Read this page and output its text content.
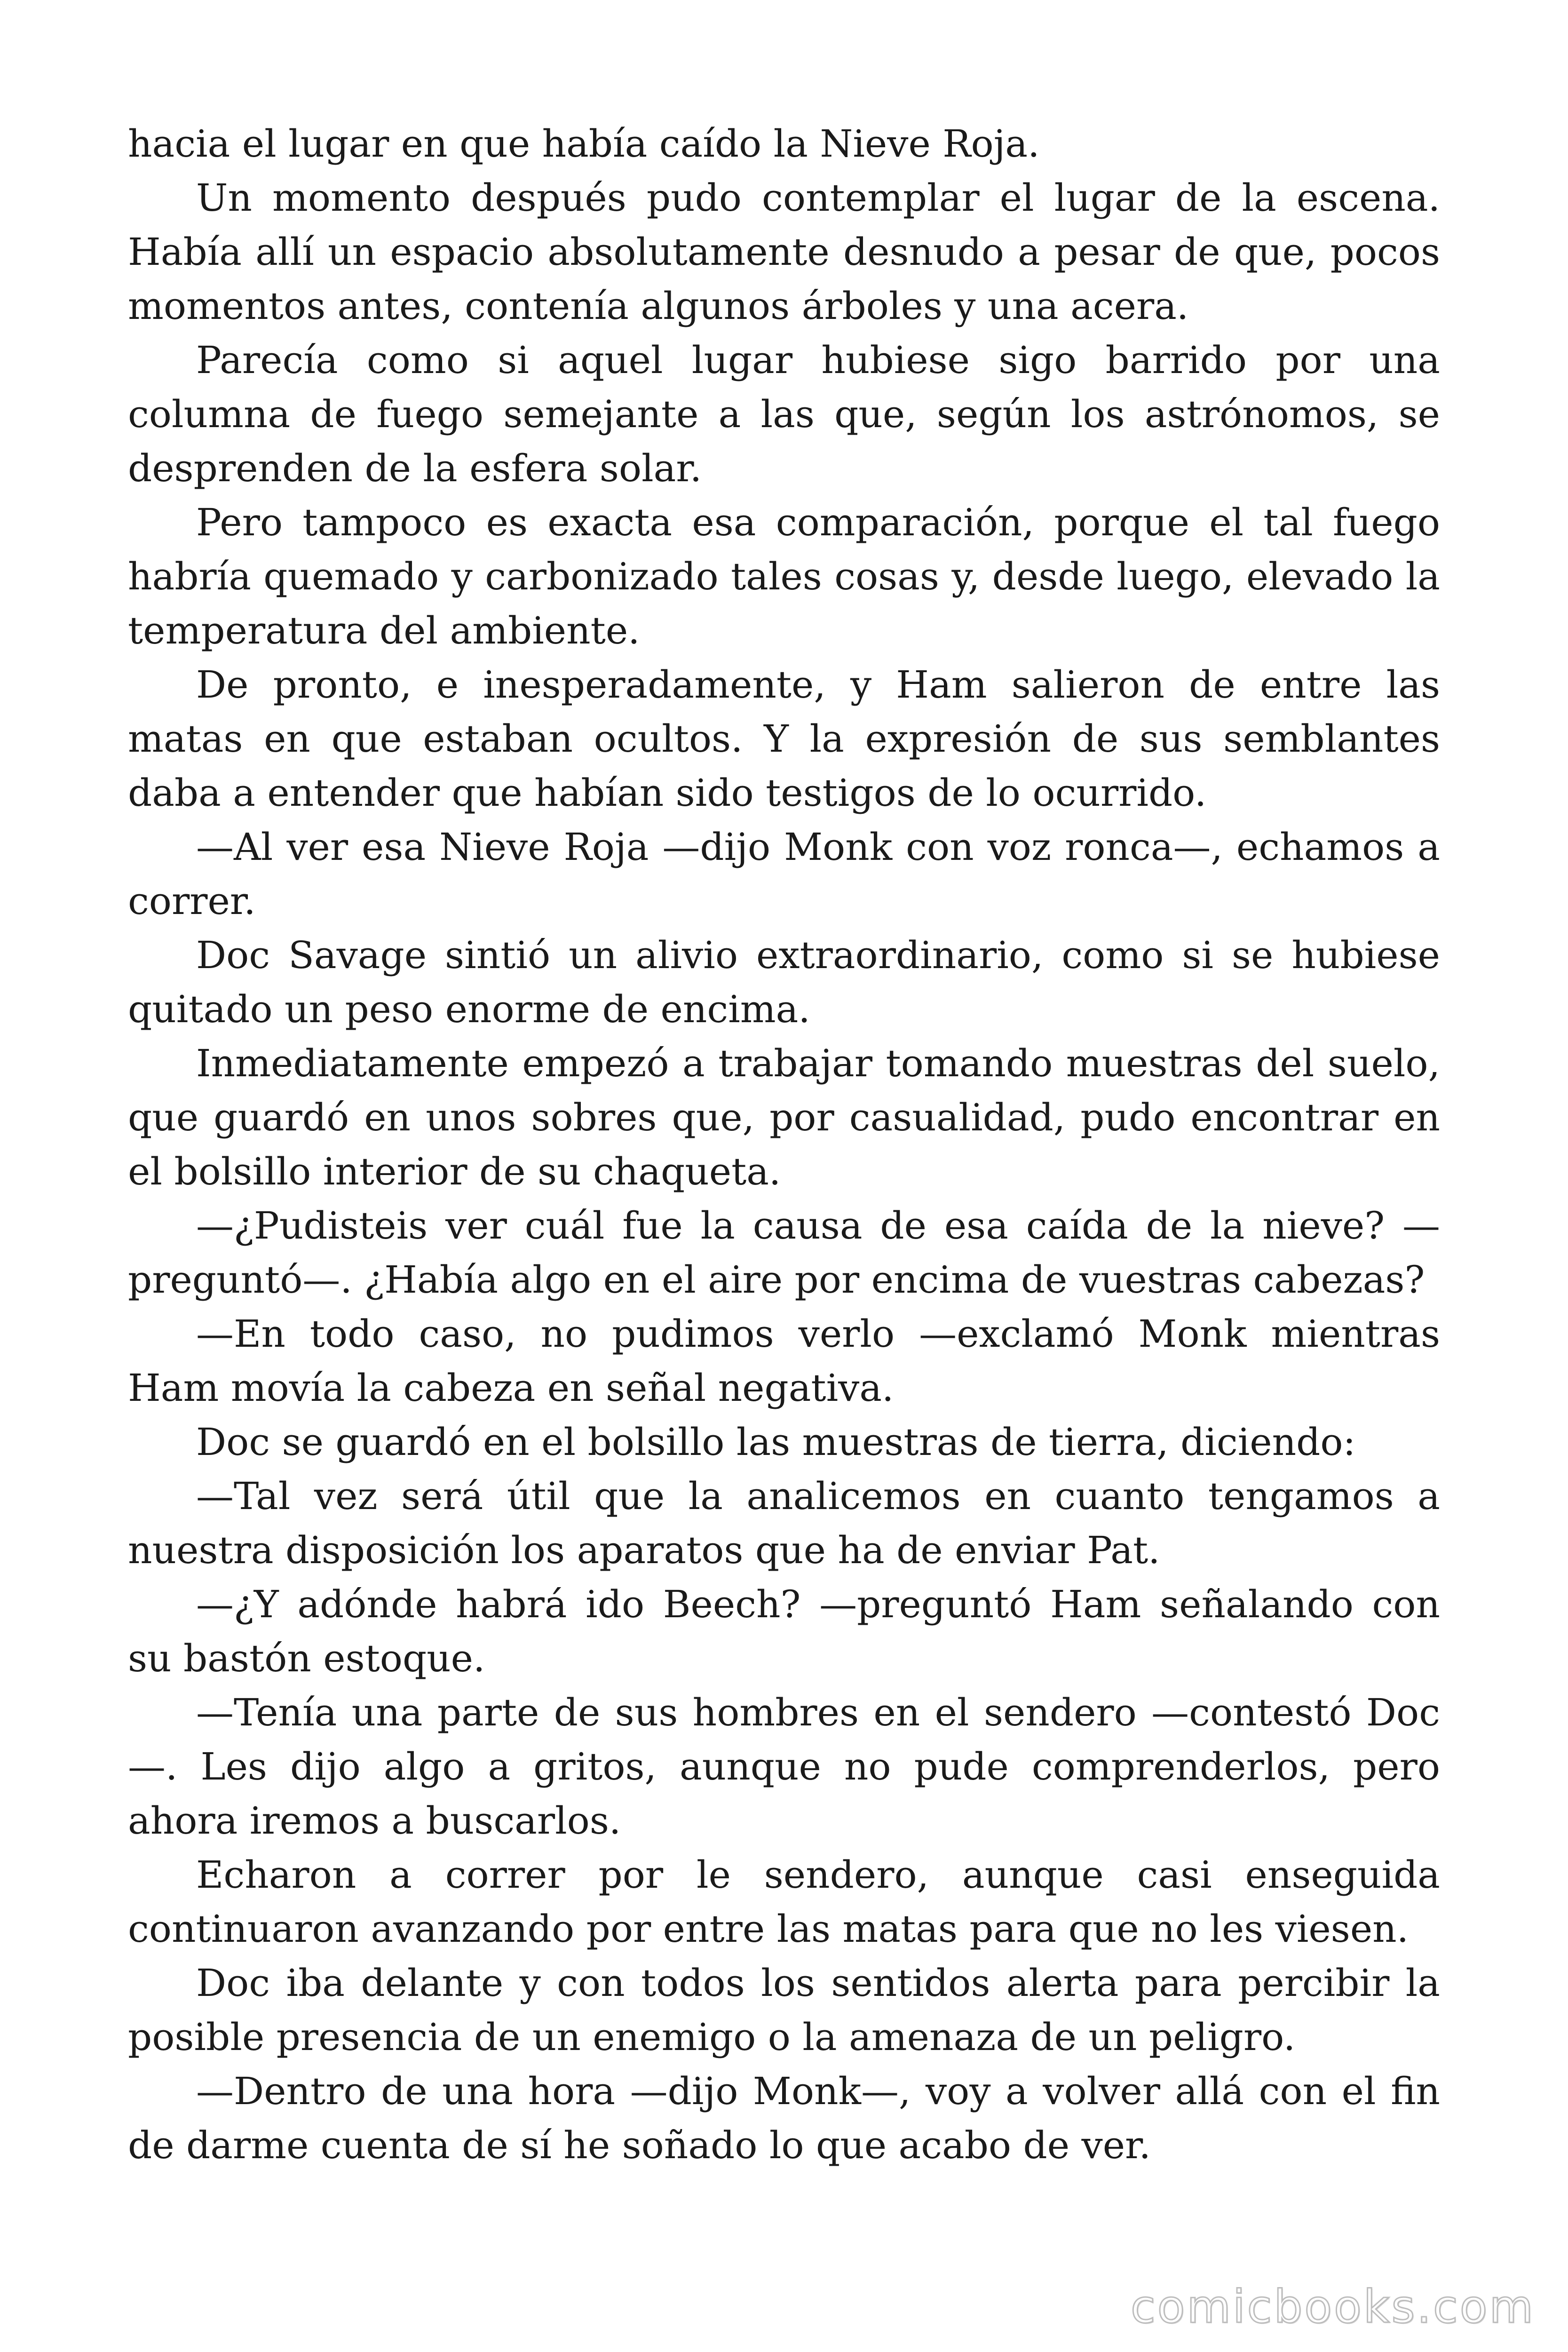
hacia el lugar en que había caído la Nieve Roja.

Un momento después pudo contemplar el lugar de la escena. Había allí un espacio absolutamente desnudo a pesar de que, pocos momentos antes, contenía algunos árboles y una acera.

Parecía como si aquel lugar hubiese sigo barrido por una columna de fuego semejante a las que, según los astrónomos, se desprenden de la esfera solar.

Pero tampoco es exacta esa comparación, porque el tal fuego habría quemado y carbonizado tales cosas y, desde luego, elevado la temperatura del ambiente.

De pronto, e inesperadamente, y Ham salieron de entre las matas en que estaban ocultos. Y la expresión de sus semblantes daba a entender que habían sido testigos de lo ocurrido.

—Al ver esa Nieve Roja —dijo Monk con voz ronca—, echamos a correr.

Doc Savage sintió un alivio extraordinario, como si se hubiese quitado un peso enorme de encima.

Inmediatamente empezó a trabajar tomando muestras del suelo, que guardó en unos sobres que, por casualidad, pudo encontrar en el bolsillo interior de su chaqueta.

—¿Pudisteis ver cuál fue la causa de esa caída de la nieve? —preguntó—. ¿Había algo en el aire por encima de vuestras cabezas?

—En todo caso, no pudimos verlo —exclamó Monk mientras Ham movía la cabeza en señal negativa.

Doc se guardó en el bolsillo las muestras de tierra, diciendo:

—Tal vez será útil que la analicemos en cuanto tengamos a nuestra disposición los aparatos que ha de enviar Pat.

—¿Y adónde habrá ido Beech? —preguntó Ham señalando con su bastón estoque.

—Tenía una parte de sus hombres en el sendero —contestó Doc —. Les dijo algo a gritos, aunque no pude comprenderlos, pero ahora iremos a buscarlos.

Echaron a correr por le sendero, aunque casi enseguida continuaron avanzando por entre las matas para que no les viesen.

Doc iba delante y con todos los sentidos alerta para percibir la posible presencia de un enemigo o la amenaza de un peligro.

—Dentro de una hora —dijo Monk—, voy a volver allá con el fin de darme cuenta de sí he soñado lo que acabo de ver.

comicbooks.com
